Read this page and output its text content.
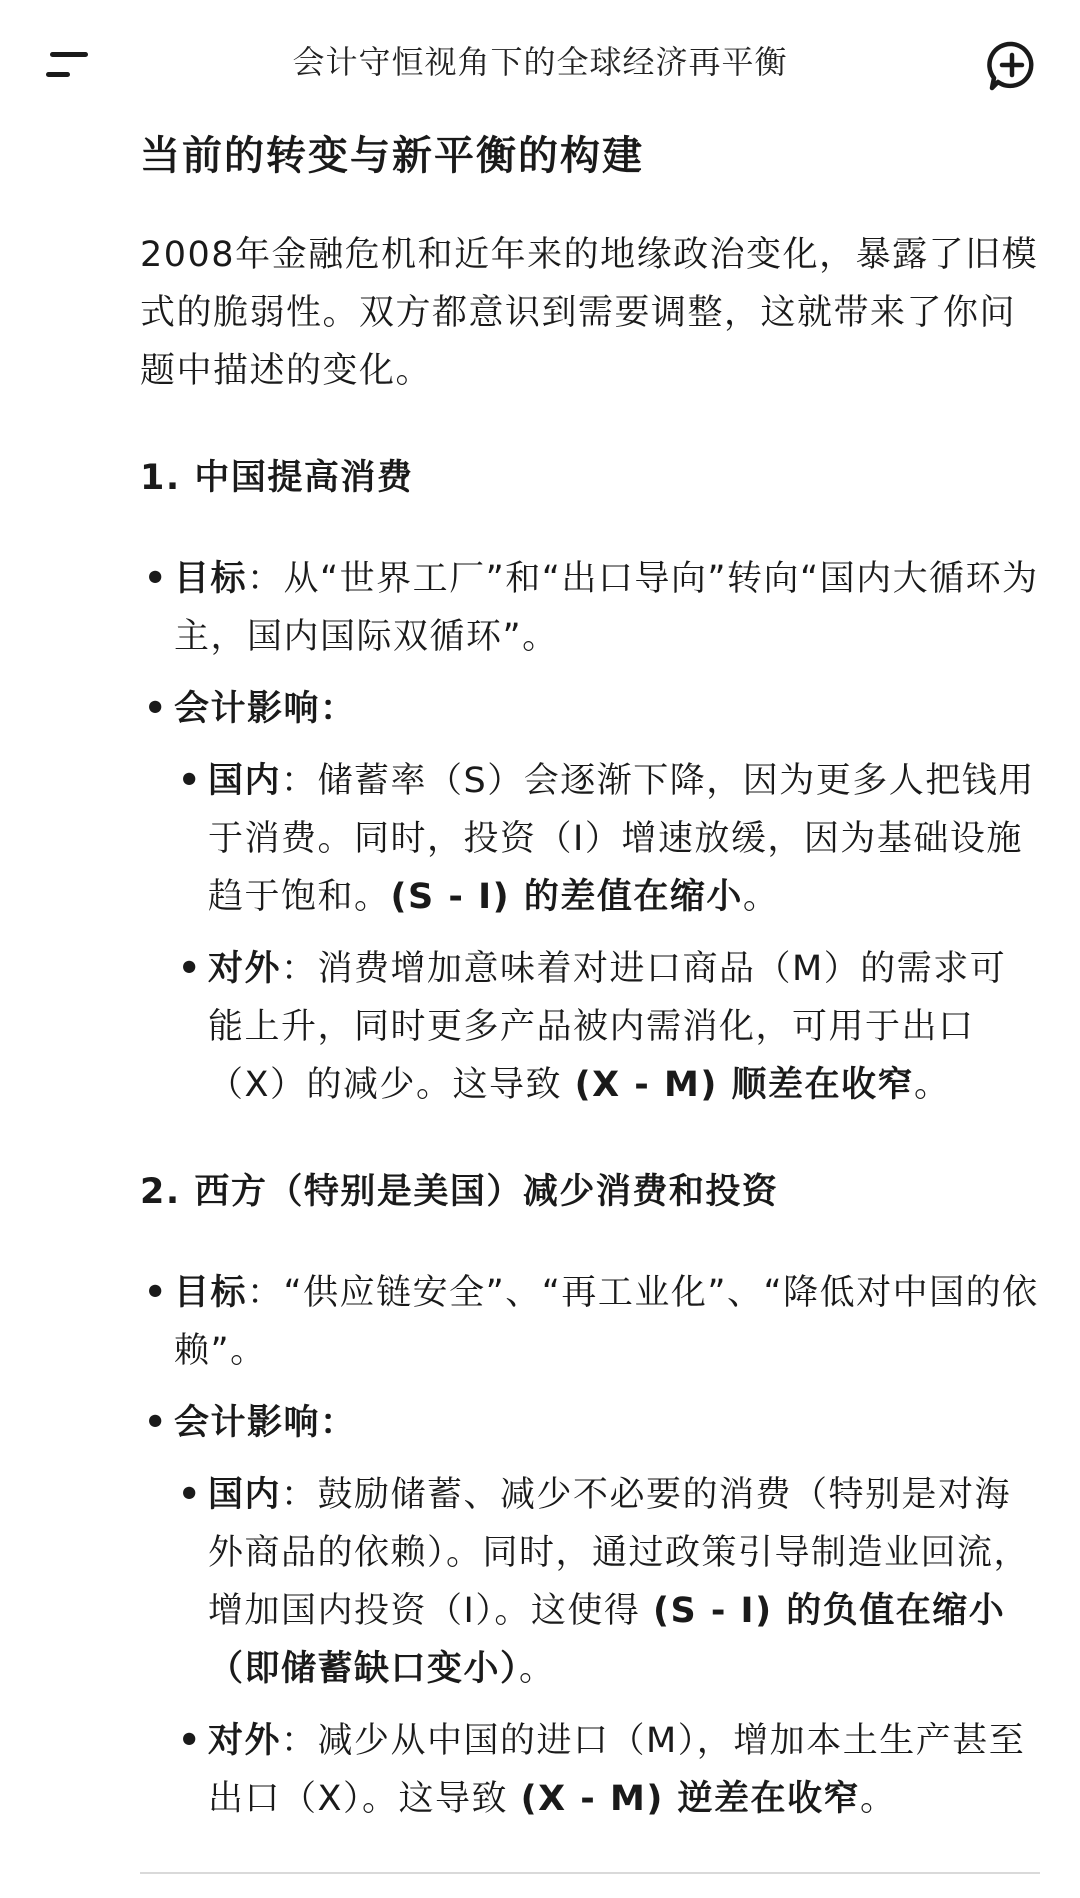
会计守恒视角下的全球经济再平衡
当前的转变与新平衡的构建

2008年金融危机和近年来的地缘政治变化，暴露了旧模式的脆弱性。双方都意识到需要调整，这就带来了你问题中描述的变化。

1. 中国提高消费
• 目标：从“世界工厂”和“出口导向”转向“国内大循环为主，国内国际双循环”。
• 会计影响：
• 国内：储蓄率（S）会逐渐下降，因为更多人把钱用于消费。同时，投资（I）增速放缓，因为基础设施趋于饱和。(S - I) 的差值在缩小。
• 对外：消费增加意味着对进口商品（M）的需求可能上升，同时更多产品被内需消化，可用于出口（X）的减少。这导致 (X - M) 顺差在收窄。
2. 西方（特别是美国）减少消费和投资
• 目标：“供应链安全”、“再工业化”、“降低对中国的依赖”。
• 会计影响：
• 国内：鼓励储蓄、减少不必要的消费（特别是对海外商品的依赖）。同时，通过政策引导制造业回流，增加国内投资（I）。这使得 (S - I) 的负值在缩小（即储蓄缺口变小）。
• 对外：减少从中国的进口（M），增加本土生产甚至出口（X）。这导致 (X - M) 逆差在收窄。
